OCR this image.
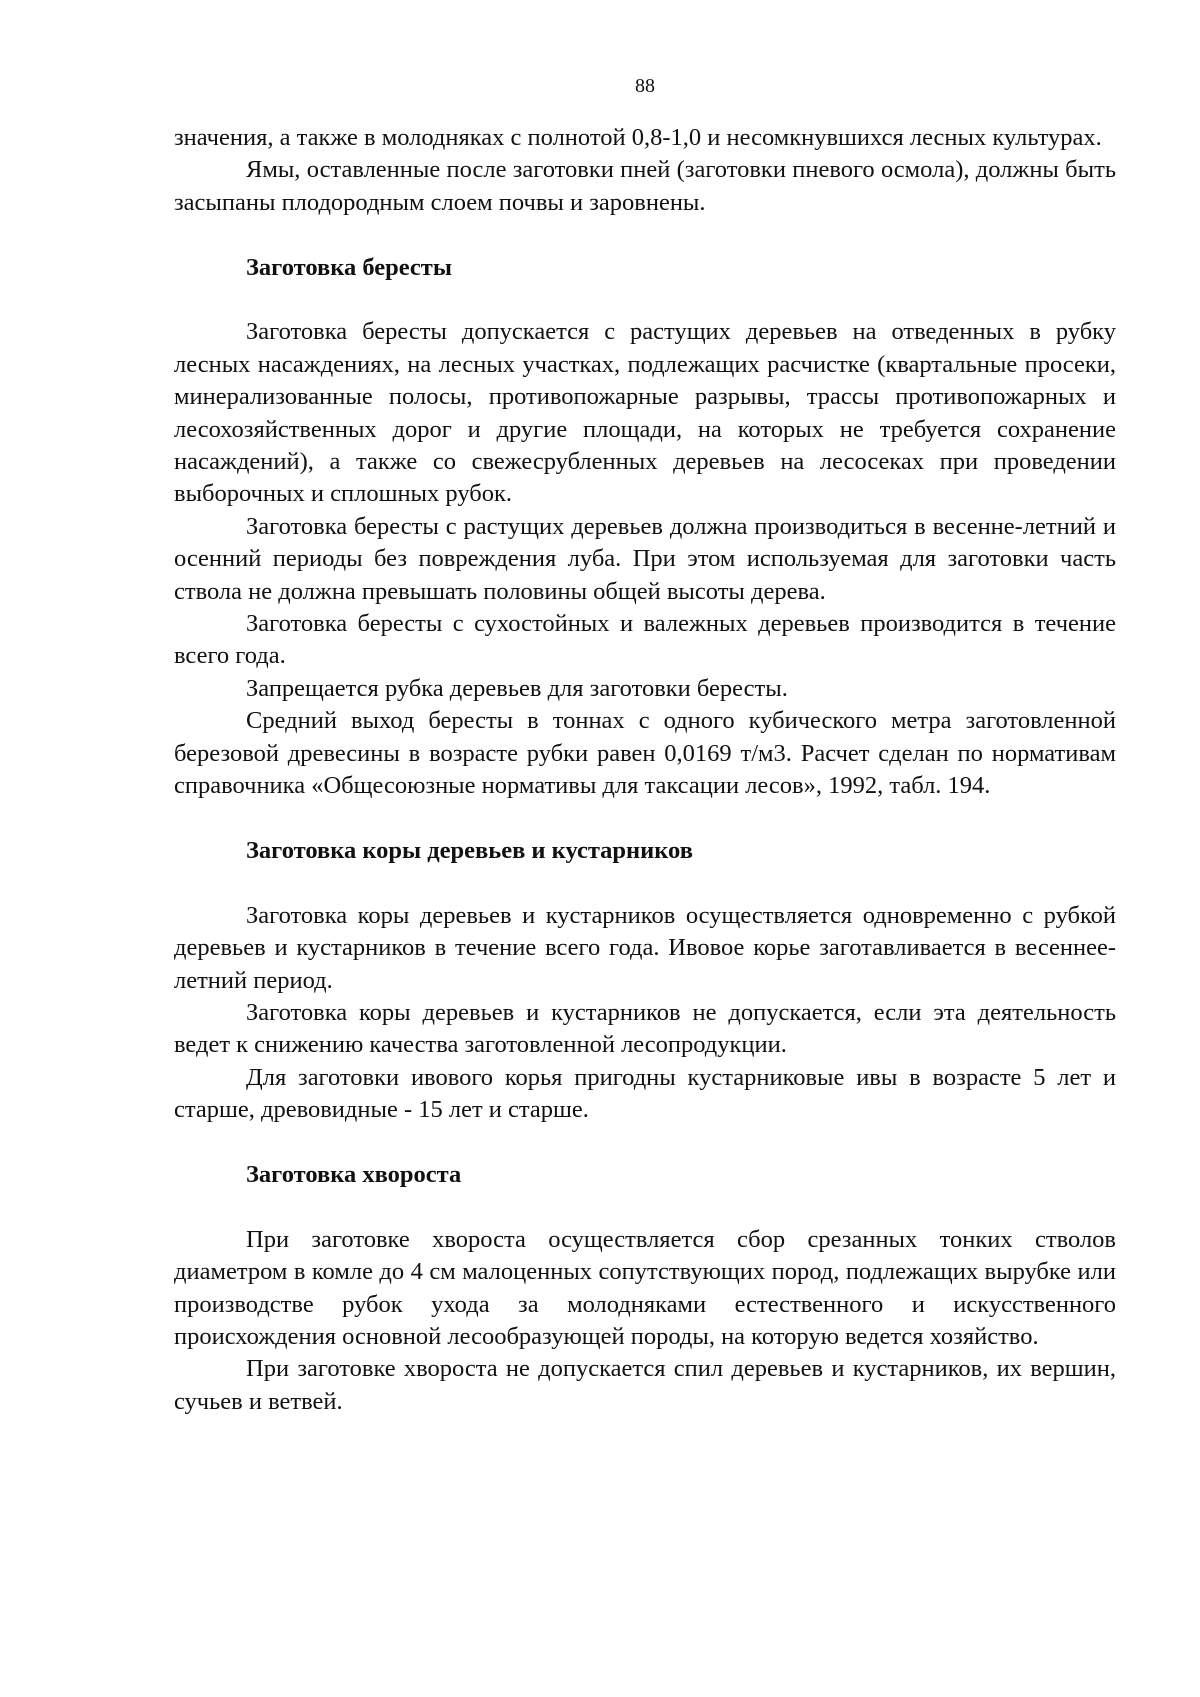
88

значения, а также в молодняках с полнотой 0,8-1,0 и несомкнувшихся лесных культурах.

Ямы, оставленные после заготовки пней (заготовки пневого осмола), должны быть засыпаны плодородным слоем почвы и заровнены.

Заготовка бересты

Заготовка бересты допускается с растущих деревьев на отведенных в рубку лесных насаждениях, на лесных участках, подлежащих расчистке (квартальные просеки, минерализованные полосы, противопожарные разрывы, трассы противопожарных и лесохозяйственных дорог и другие площади, на которых не требуется сохранение насаждений), а также со свежесрубленных деревьев на лесосеках при проведении выборочных и сплошных рубок.

Заготовка бересты с растущих деревьев должна производиться в весенне-летний и осенний периоды без повреждения луба. При этом используемая для заготовки часть ствола не должна превышать половины общей высоты дерева.

Заготовка бересты с сухостойных и валежных деревьев производится в течение всего года.

Запрещается рубка деревьев для заготовки бересты.

Средний выход бересты в тоннах с одного кубического метра заготовленной березовой древесины в возрасте рубки равен 0,0169 т/м3. Расчет сделан по нормативам справочника «Общесоюзные нормативы для таксации лесов», 1992, табл. 194.

Заготовка коры деревьев и кустарников

Заготовка коры деревьев и кустарников осуществляется одновременно с рубкой деревьев и кустарников в течение всего года. Ивовое корье заготавливается в весеннее-летний период.

Заготовка коры деревьев и кустарников не допускается, если эта деятельность ведет к снижению качества заготовленной лесопродукции.

Для заготовки ивового корья пригодны кустарниковые ивы в возрасте 5 лет и старше, древовидные - 15 лет и старше.

Заготовка хвороста

При заготовке хвороста осуществляется сбор срезанных тонких стволов диаметром в комле до 4 см малоценных сопутствующих пород, подлежащих вырубке или производстве рубок ухода за молодняками естественного и искусственного происхождения основной лесообразующей породы, на которую ведется хозяйство.

При заготовке хвороста не допускается спил деревьев и кустарников, их вершин, сучьев и ветвей.
